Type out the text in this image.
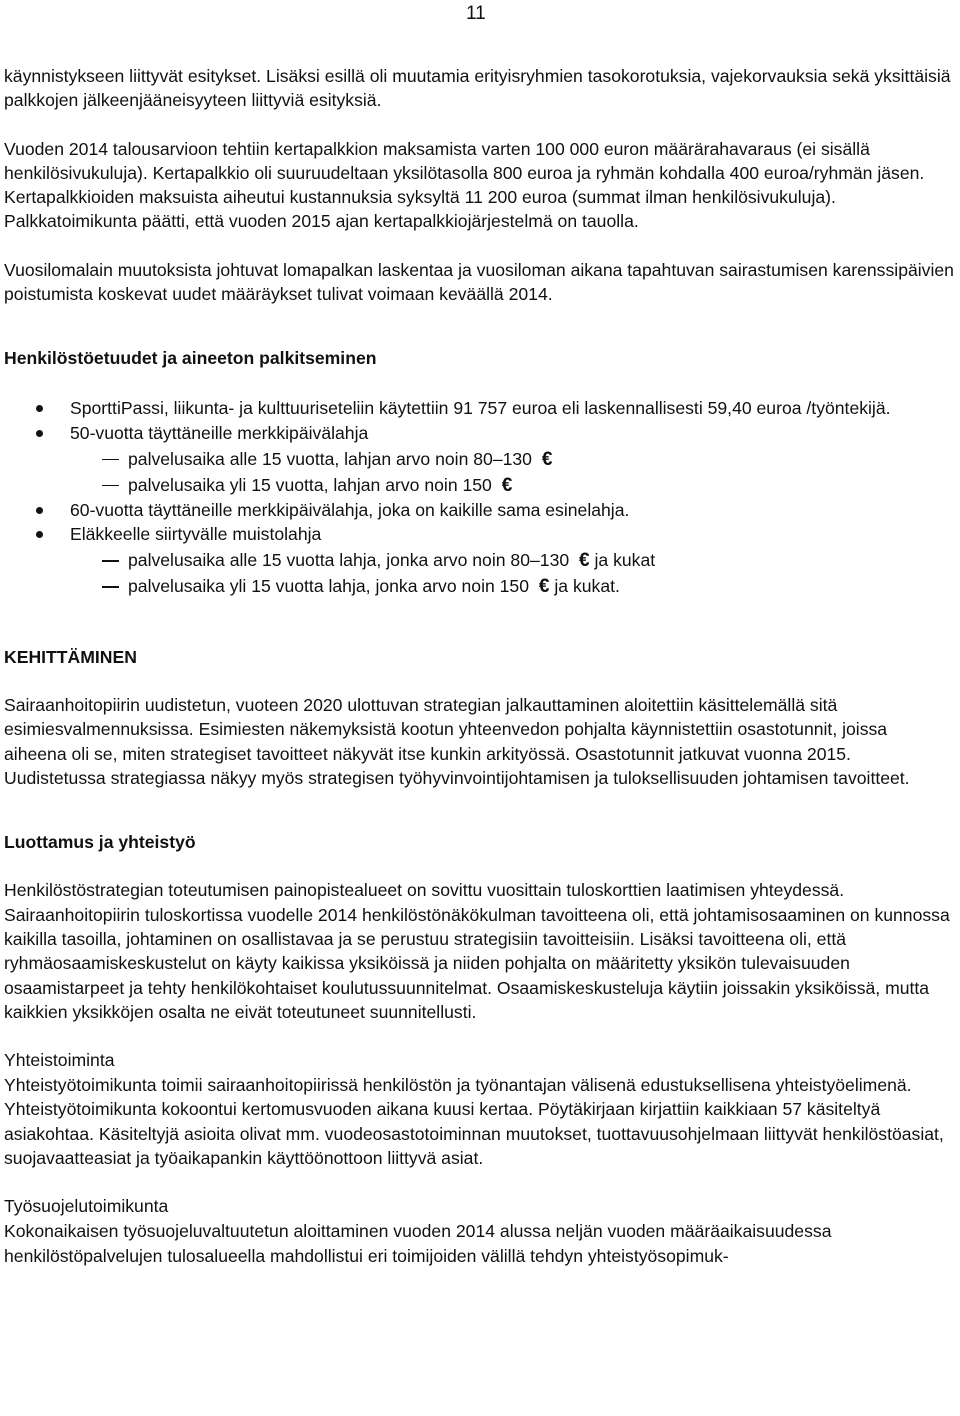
11

käynnistykseen liittyvät esitykset. Lisäksi esillä oli muutamia erityisryhmien tasokorotuksia, vajekorvauksia sekä yksittäisiä palkkojen jälkeenjääneisyyteen liittyviä esityksiä.

Vuoden 2014 talousarvioon tehtiin kertapalkkion maksamista varten 100 000 euron määrärahavaraus (ei sisällä henkilösivukuluja). Kertapalkkio oli suuruudeltaan yksilötasolla 800 euroa ja ryhmän kohdalla 400 euroa/ryhmän jäsen. Kertapalkkioiden maksuista aiheutui kustannuksia syksyltä 11 200 euroa (summat ilman henkilösivukuluja). Palkkatoimikunta päätti, että vuoden 2015 ajan kertapalkkiojärjestelmä on tauolla.

Vuosilomalain muutoksista johtuvat lomapalkan laskentaa ja vuosiloman aikana tapahtuvan sairastumisen karenssipäivien poistumista koskevat uudet määräykset tulivat voimaan keväällä 2014.

Henkilöstöetuudet ja aineeton palkitseminen
SporttiPassi, liikunta- ja kulttuuriseteliin käytettiin 91 757 euroa eli laskennallisesti 59,40 euroa /työntekijä.
50-vuotta täyttäneille merkkipäivälahja
palvelusaika alle 15 vuotta, lahjan arvo noin 80–130 €
palvelusaika yli 15 vuotta, lahjan arvo noin 150 €
60-vuotta täyttäneille merkkipäivälahja, joka on kaikille sama esinelahja.
Eläkkeelle siirtyvälle muistolahja
palvelusaika alle 15 vuotta lahja, jonka arvo noin 80–130 € ja kukat
palvelusaika yli 15 vuotta lahja, jonka arvo noin 150 € ja kukat.
KEHITTÄMINEN

Sairaanhoitopiirin uudistetun, vuoteen 2020 ulottuvan strategian jalkauttaminen aloitettiin käsittelemällä sitä esimiesvalmennuksissa. Esimiesten näkemyksistä kootun yhteenvedon pohjalta käynnistettiin osastotunnit, joissa aiheena oli se, miten strategiset tavoitteet näkyvät itse kunkin arkityössä. Osastotunnit jatkuvat vuonna 2015. Uudistetussa strategiassa näkyy myös strategisen työhyvinvointijohtamisen ja tuloksellisuuden johtamisen tavoitteet.

Luottamus ja yhteistyö

Henkilöstöstrategian toteutumisen painopistealueet on sovittu vuosittain tuloskorttien laatimisen yhteydessä. Sairaanhoitopiirin tuloskortissa vuodelle 2014 henkilöstönäkökulman tavoitteena oli, että johtamisosaaminen on kunnossa kaikilla tasoilla, johtaminen on osallistavaa ja se perustuu strategisiin tavoitteisiin. Lisäksi tavoitteena oli, että ryhmäosaamiskeskustelut on käyty kaikissa yksiköissä ja niiden pohjalta on määritetty yksikön tulevaisuuden osaamistarpeet ja tehty henkilökohtaiset koulutussuunnitelmat. Osaamiskeskusteluja käytiin joissakin yksiköissä, mutta kaikkien yksikköjen osalta ne eivät toteutuneet suunnitellusti.

Yhteistoiminta

Yhteistyötoimikunta toimii sairaanhoitopiirissä henkilöstön ja työnantajan välisenä edustuksellisena yhteistyöelimenä. Yhteistyötoimikunta kokoontui kertomusvuoden aikana kuusi kertaa. Pöytäkirjaan kirjattiin kaikkiaan 57 käsiteltyä asiakohtaa. Käsiteltyjä asioita olivat mm. vuodeosastotoiminnan muutokset, tuottavuusohjelmaan liittyvät henkilöstöasiat, suojavaatteasiat ja työaikapankin käyttöönottoon liittyvä asiat.

Työsuojelutoimikunta

Kokonaikaisen työsuojeluvaltuutetun aloittaminen vuoden 2014 alussa neljän vuoden määräaikaisuudessa henkilöstöpalvelujen tulosalueella mahdollistui eri toimijoiden välillä tehdyn yhteistyösopimuk-
